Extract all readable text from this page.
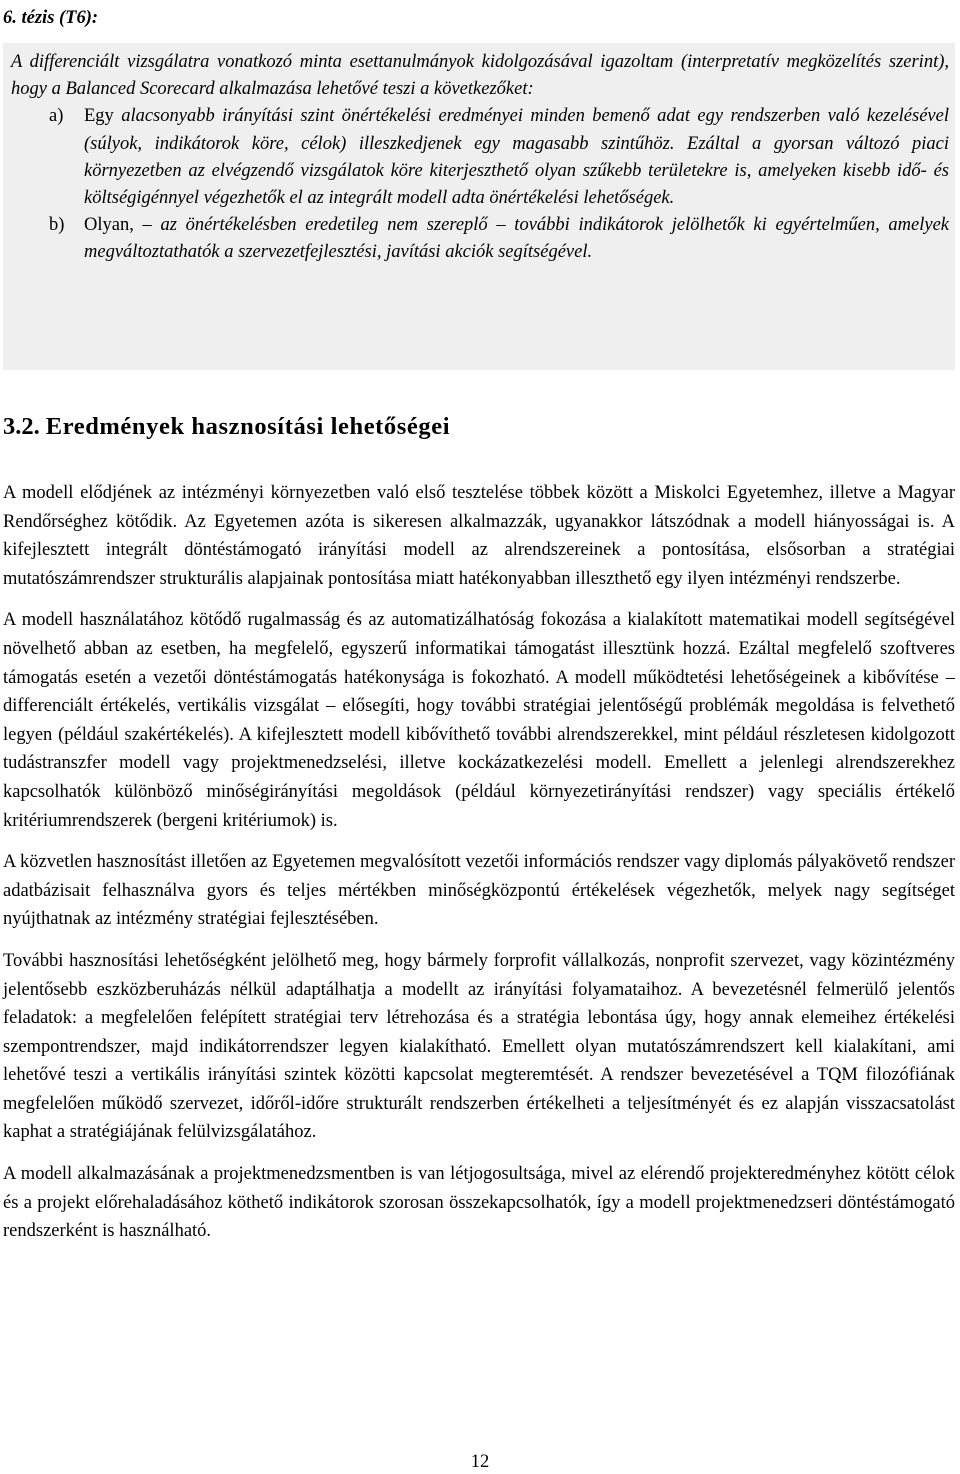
6. tézis (T6):

A differenciált vizsgálatra vonatkozó minta esettanulmányok kidolgozásával igazoltam (interpretatív megközelítés szerint), hogy a Balanced Scorecard alkalmazása lehetővé teszi a következőket:

a) Egy alacsonyabb irányítási szint önértékelési eredményei minden bemenő adat egy rendszerben való kezelésével (súlyok, indikátorok köre, célok) illeszkedjenek egy magasabb szintűhöz. Ezáltal a gyorsan változó piaci környezetben az elvégzendő vizsgálatok köre kiterjeszthető olyan szűkebb területekre is, amelyeken kisebb idő- és költségigénnyel végezhetők el az integrált modell adta önértékelési lehetőségek.
b) Olyan, – az önértékelésben eredetileg nem szereplő – további indikátorok jelölhetők ki egyértelműen, amelyek megváltoztathatók a szervezetfejlesztési, javítási akciók segítségével.
3.2. Eredmények hasznosítási lehetőségei

A modell elődjének az intézményi környezetben való első tesztelése többek között a Miskolci Egyetemhez, illetve a Magyar Rendőrséghez kötődik. Az Egyetemen azóta is sikeresen alkalmazzák, ugyanakkor látszódnak a modell hiányosságai is. A kifejlesztett integrált döntéstámogató irányítási modell az alrendszereinek a pontosítása, elsősorban a stratégiai mutatószámrendszer strukturális alapjainak pontosítása miatt hatékonyabban illeszthető egy ilyen intézményi rendszerbe.

A modell használatához kötődő rugalmasság és az automatizálhatóság fokozása a kialakított matematikai modell segítségével növelhető abban az esetben, ha megfelelő, egyszerű informatikai támogatást illesztünk hozzá. Ezáltal megfelelő szoftveres támogatás esetén a vezetői döntéstámogatás hatékonysága is fokozható. A modell működtetési lehetőségeinek a kibővítése – differenciált értékelés, vertikális vizsgálat – elősegíti, hogy további stratégiai jelentőségű problémák megoldása is felvethető legyen (például szakértékelés). A kifejlesztett modell kibővíthető további alrendszerekkel, mint például részletesen kidolgozott tudástranszfer modell vagy projektmenedzselési, illetve kockázatkezelési modell. Emellett a jelenlegi alrendszerekhez kapcsolhatók különböző minőségirányítási megoldások (például környezetirányítási rendszer) vagy speciális értékelő kritériumrendszerek (bergeni kritériumok) is.

A közvetlen hasznosítást illetően az Egyetemen megvalósított vezetői információs rendszer vagy diplomás pályakövető rendszer adatbázisait felhasználva gyors és teljes mértékben minőségközpontú értékelések végezhetők, melyek nagy segítséget nyújthatnak az intézmény stratégiai fejlesztésében.

További hasznosítási lehetőségként jelölhető meg, hogy bármely forprofit vállalkozás, nonprofit szervezet, vagy közintézmény jelentősebb eszközberuházás nélkül adaptálhatja a modellt az irányítási folyamataihoz. A bevezetésnél felmerülő jelentős feladatok: a megfelelően felépített stratégiai terv létrehozása és a stratégia lebontása úgy, hogy annak elemeihez értékelési szempontrendszer, majd indikátorrendszer legyen kialakítható. Emellett olyan mutatószámrendszert kell kialakítani, ami lehetővé teszi a vertikális irányítási szintek közötti kapcsolat megteremtését. A rendszer bevezetésével a TQM filozófiának megfelelően működő szervezet, időről-időre strukturált rendszerben értékelheti a teljesítményét és ez alapján visszacsatolást kaphat a stratégiájának felülvizsgálatához.

A modell alkalmazásának a projektmenedzsmentben is van létjogosultsága, mivel az elérendő projekteredményhez kötött célok és a projekt előrehaladásához köthető indikátorok szorosan összekapcsolhatók, így a modell projektmenedzseri döntéstámogató rendszerként is használható.

12
